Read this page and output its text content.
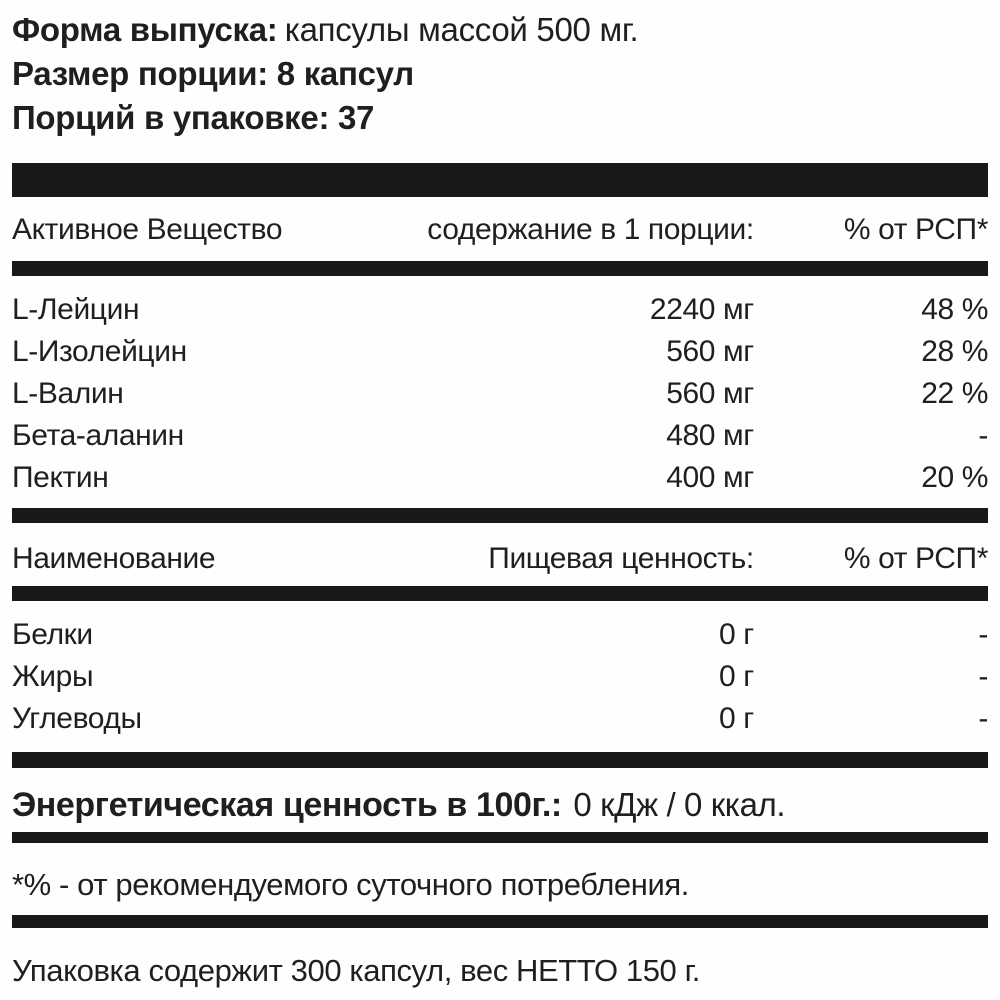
Форма выпуска: капсулы массой 500 мг.
Размер порции: 8 капсул
Порций в упаковке: 37
Активное Вещество	содержание в 1 порции:	% от РСП*
L-Лейцин	2240 мг	48 %
L-Изолейцин	560 мг	28 %
L-Валин	560 мг	22 %
Бета-аланин	480 мг	-
Пектин	400 мг	20 %
Наименование	Пищевая ценность:	% от РСП*
Белки	0 г	-
Жиры	0 г	-
Углеводы	0 г	-
Энергетическая ценность в 100г.: 0 кДж / 0 ккал.
*% - от рекомендуемого суточного потребления.
Упаковка содержит 300 капсул, вес НЕТТО 150 г.
